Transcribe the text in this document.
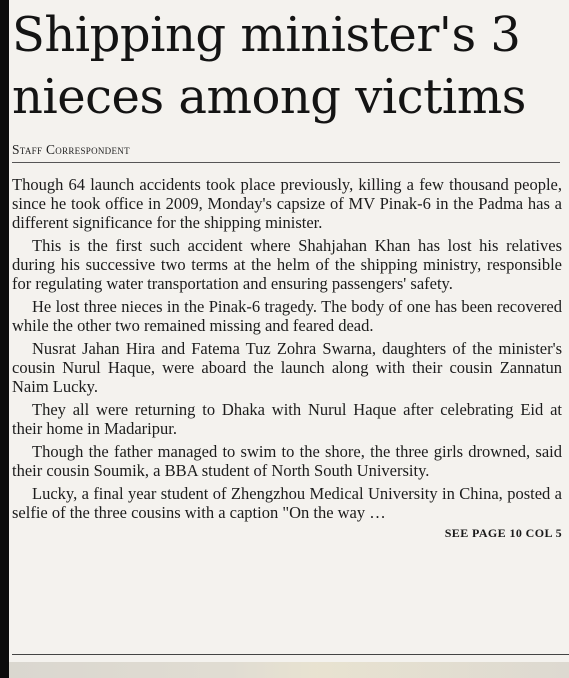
Shipping minister's 3
nieces among victims
Staff Correspondent

Though 64 launch accidents took place previously, killing a few thousand people, since he took office in 2009, Monday's capsize of MV Pinak-6 in the Padma has a different significance for the shipping minister.

This is the first such accident where Shahjahan Khan has lost his relatives during his successive two terms at the helm of the shipping ministry, responsible for regulating water transportation and ensuring passengers' safety.

He lost three nieces in the Pinak-6 tragedy. The body of one has been recovered while the other two remained missing and feared dead.

Nusrat Jahan Hira and Fatema Tuz Zohra Swarna, daughters of the minister's cousin Nurul Haque, were aboard the launch along with their cousin Zannatun Naim Lucky.

They all were returning to Dhaka with Nurul Haque after celebrating Eid at their home in Madaripur.

Though the father managed to swim to the shore, the three girls drowned, said their cousin Soumik, a BBA student of North South University.

Lucky, a final year student of Zhengzhou Medical University in China, posted a selfie of the three cousins with a caption "On the way …

SEE PAGE 10 COL 5
